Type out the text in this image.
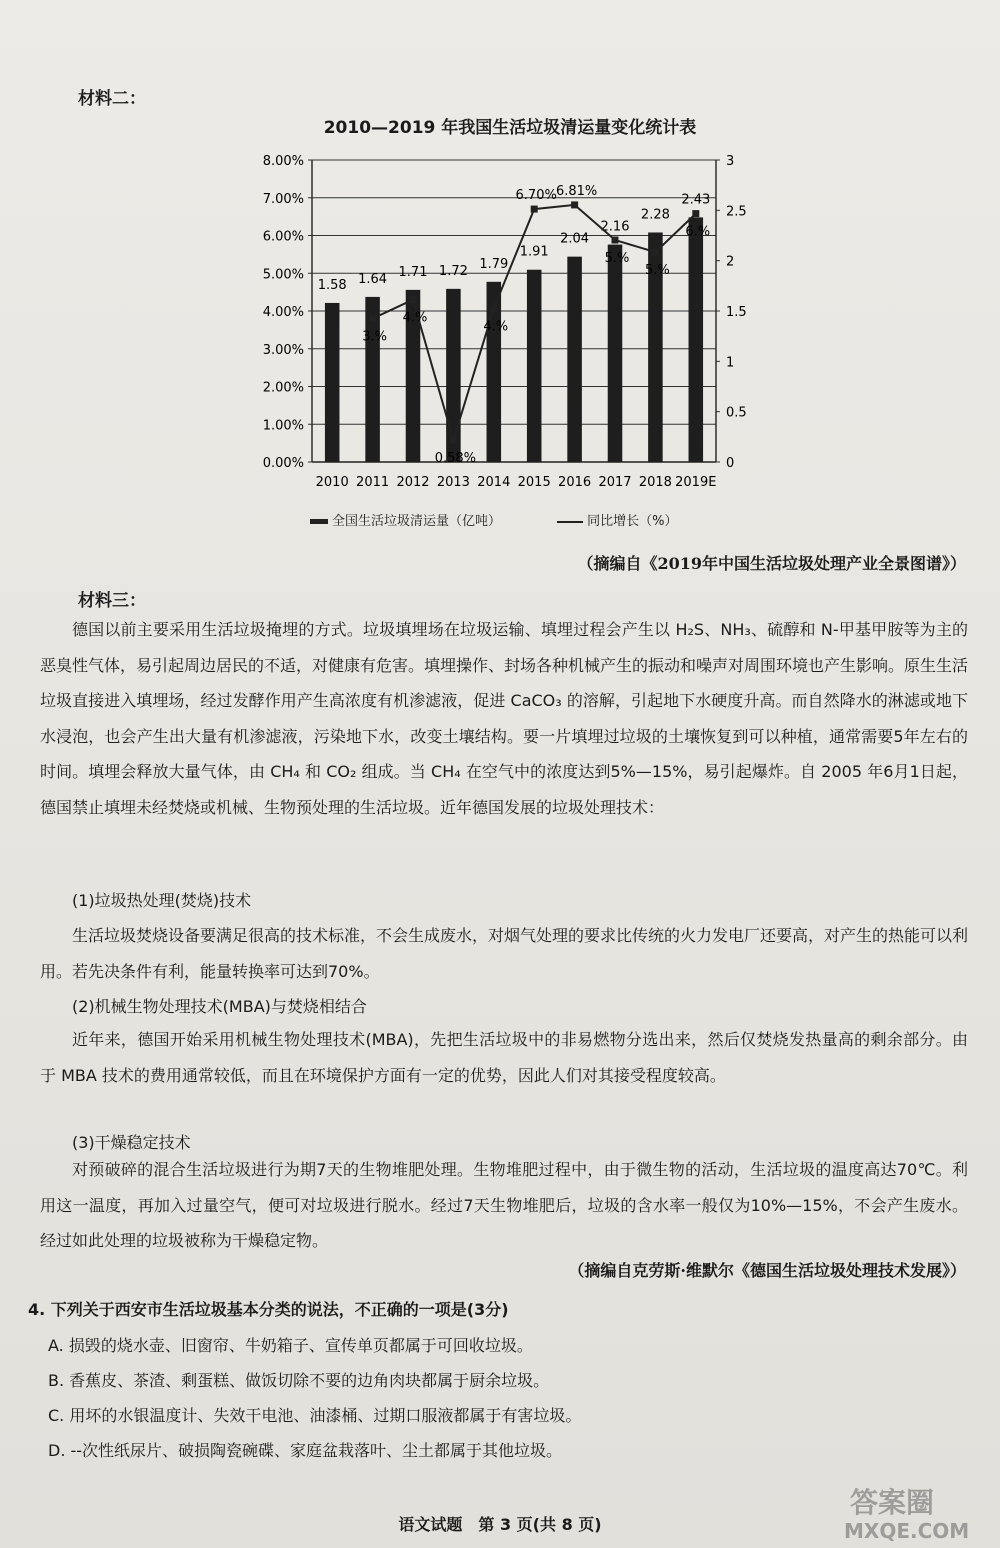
材料二：
2010—2019 年我国生活垃圾清运量变化统计表
0.00%
1.00%
2.00%
3.00%
4.00%
5.00%
6.00%
7.00%
8.00%
0
0.5
1
1.5
2
2.5
3
1.58 1.64 1.71 1.72 1.79
1.91
2.04
2.16
2.28
2.43
2010 2011 2012 2013 2014 2015 2016 2017 2018 2019E
3.%
4.%
0.58%
4.%
6.70% 6.81%
5.%
5.%
6.%
全国生活垃圾清运量（亿吨）	同比增长（%）
（摘编自《2019年中国生活垃圾处理产业全景图谱》）
材料三：
德国以前主要采用生活垃圾掩埋的方式。垃圾填埋场在垃圾运输、填埋过程会产生以 H₂S、NH₃、硫醇和 N-甲基甲胺等为主的恶臭性气体，易引起周边居民的不适，对健康有危害。填埋操作、封场各种机械产生的振动和噪声对周围环境也产生影响。原生生活垃圾直接进入填埋场，经过发酵作用产生高浓度有机渗滤液，促进 CaCO₃ 的溶解，引起地下水硬度升高。而自然降水的淋滤或地下水浸泡，也会产生出大量有机渗滤液，污染地下水，改变土壤结构。要一片填埋过垃圾的土壤恢复到可以种植，通常需要5年左右的时间。填埋会释放大量气体，由 CH₄ 和 CO₂ 组成。当 CH₄ 在空气中的浓度达到5%—15%，易引起爆炸。自 2005 年6月1日起，德国禁止填埋未经焚烧或机械、生物预处理的生活垃圾。近年德国发展的垃圾处理技术：
(1)垃圾热处理(焚烧)技术
生活垃圾焚烧设备要满足很高的技术标准，不会生成废水，对烟气处理的要求比传统的火力发电厂还要高，对产生的热能可以利用。若先决条件有利，能量转换率可达到70%。
(2)机械生物处理技术(MBA)与焚烧相结合
近年来，德国开始采用机械生物处理技术(MBA)，先把生活垃圾中的非易燃物分选出来，然后仅焚烧发热量高的剩余部分。由于 MBA 技术的费用通常较低，而且在环境保护方面有一定的优势，因此人们对其接受程度较高。
(3)干燥稳定技术
对预破碎的混合生活垃圾进行为期7天的生物堆肥处理。生物堆肥过程中，由于微生物的活动，生活垃圾的温度高达70℃。利用这一温度，再加入过量空气，便可对垃圾进行脱水。经过7天生物堆肥后，垃圾的含水率一般仅为10%—15%，不会产生废水。经过如此处理的垃圾被称为干燥稳定物。
（摘编自克劳斯·维默尔《德国生活垃圾处理技术发展》）
4. 下列关于西安市生活垃圾基本分类的说法，不正确的一项是(3分)
A. 损毁的烧水壶、旧窗帘、牛奶箱子、宣传单页都属于可回收垃圾。
B. 香蕉皮、茶渣、剩蛋糕、做饭切除不要的边角肉块都属于厨余垃圾。
C. 用坏的水银温度计、失效干电池、油漆桶、过期口服液都属于有害垃圾。
D. --次性纸尿片、破损陶瓷碗碟、家庭盆栽落叶、尘土都属于其他垃圾。
语文试题　第 3 页(共 8 页)
答案圈
MXQE.COM
